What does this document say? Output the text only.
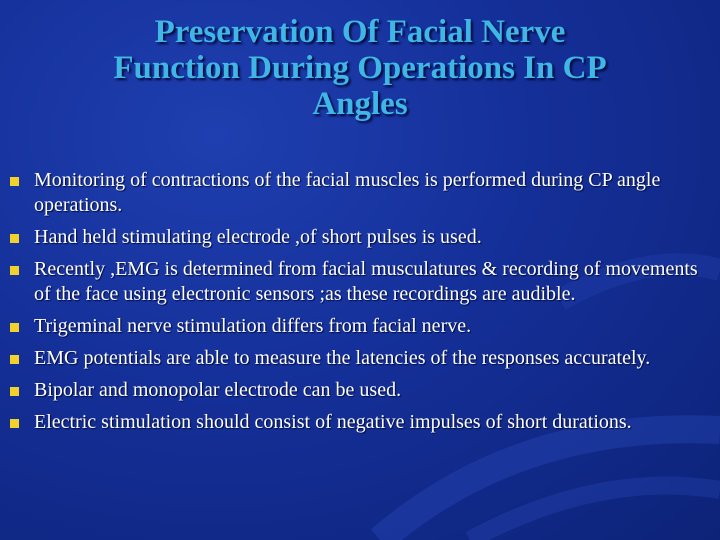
Preservation Of Facial Nerve
Function During Operations In CP
Angles
Monitoring of contractions of the facial muscles is performed during CP angle operations.
Hand held stimulating electrode ,of short pulses is used.
Recently ,EMG is determined from facial musculatures & recording of movements of the face using electronic sensors ;as these recordings are audible.
Trigeminal nerve stimulation differs from facial nerve.
EMG potentials are able to measure the latencies of the responses accurately.
Bipolar and monopolar electrode can be used.
Electric stimulation should consist of negative impulses of short durations.
